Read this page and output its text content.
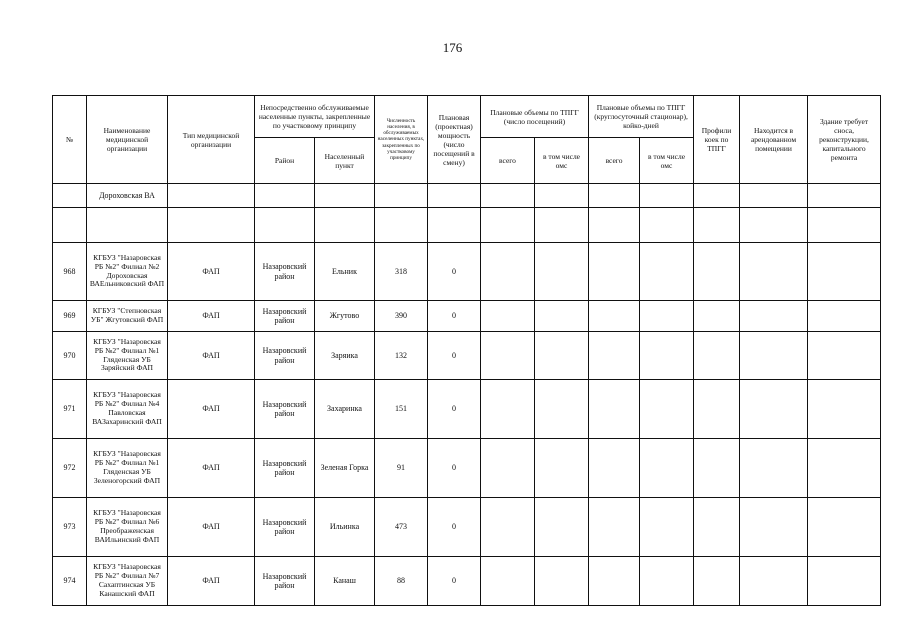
176
№	Наименование медицинской организации	Тип медицинской организации	Непосредственно обслуживаемые населенные пункты, закрепленные по участковому принципу		Численность населения, в обслуживаемых населенных пунктах, закрепленных по участковому принципу	Плановая (проектная) мощность (число посещений в смену)	Плановые объемы по ТПГГ (число посещений)		Плановые объемы по ТПГГ (круглосуточный стационар), койко-дней		Профили коек по ТПГГ	Находится в арендованном помещении	Здание требует сноса, реконструкции, капитального ремонта
			Район	Населенный пункт			всего	в том числе омс	всего	в том числе омс			
	Дороховская ВА												

968	КГБУЗ "Назаровская РБ №2" Филиал №2 Дороховская ВАЕльниковский ФАП	ФАП	Назаровский район	Ельник	318	0							
969	КГБУЗ "Степновская УБ" Жгутовский ФАП	ФАП	Назаровский район	Жгутово	390	0							
970	КГБУЗ "Назаровская РБ №2" Филиал №1 Гляденская УБ Заряйский ФАП	ФАП	Назаровский район	Заряика	132	0							
971	КГБУЗ "Назаровская РБ №2" Филиал №4 Павловская ВАЗахаринский ФАП	ФАП	Назаровский район	Захаринка	151	0							
972	КГБУЗ "Назаровская РБ №2" Филиал №1 Гляденская УБ Зеленогорский ФАП	ФАП	Назаровский район	Зеленая Горка	91	0							
973	КГБУЗ "Назаровская РБ №2" Филиал №6 Преображенская ВАИльинский ФАП	ФАП	Назаровский район	Ильинка	473	0							
974	КГБУЗ "Назаровская РБ №2" Филиал №7 Сахаптинская УБ Канашский ФАП	ФАП	Назаровский район	Канаш	88	0							
